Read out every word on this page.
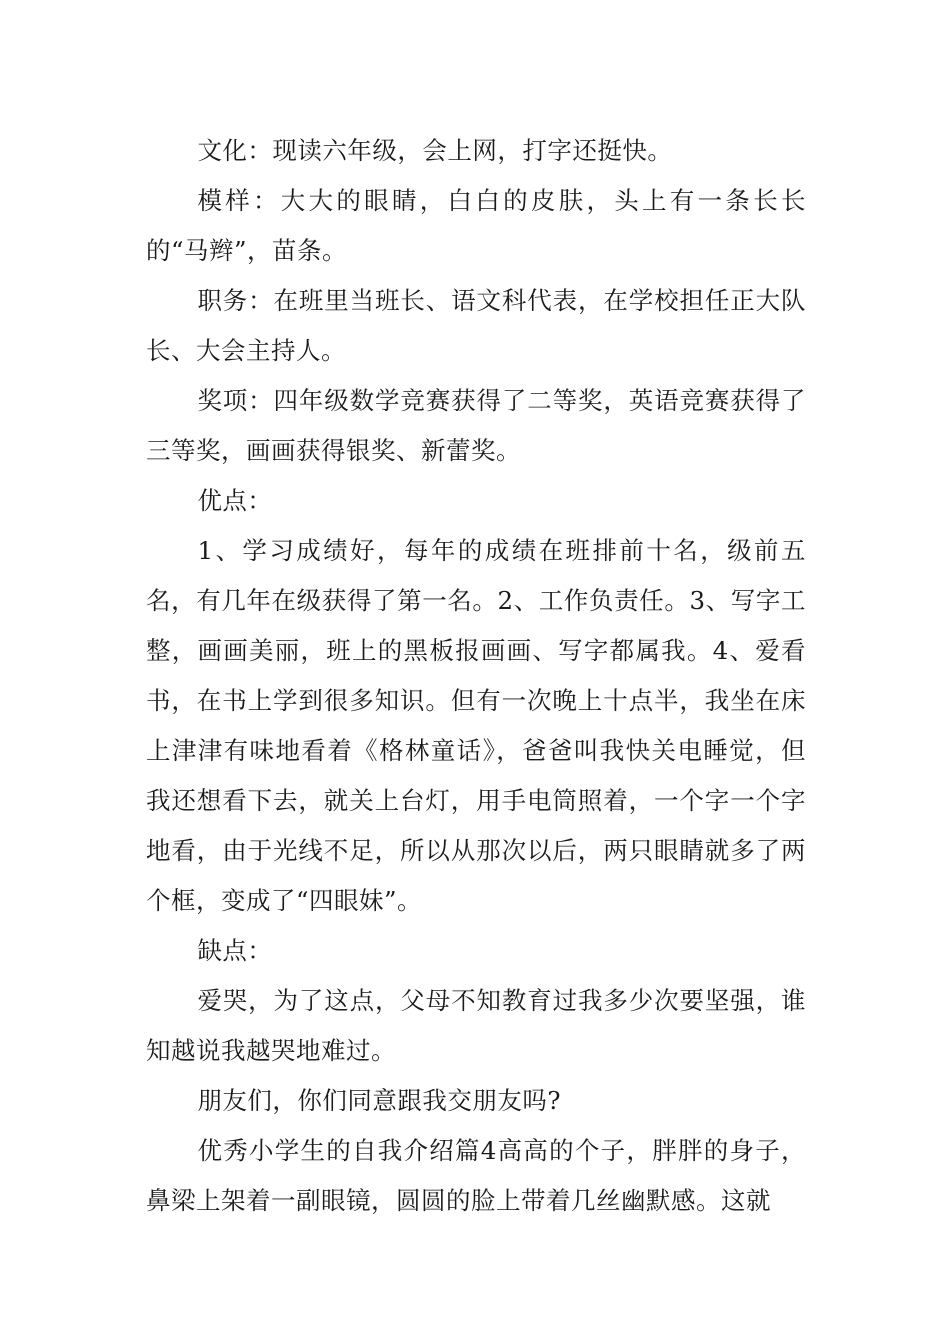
文化：现读六年级，会上网，打字还挺快。

模样：大大的眼睛，白白的皮肤，头上有一条长长的“马辫”，苗条。

职务：在班里当班长、语文科代表，在学校担任正大队长、大会主持人。

奖项：四年级数学竞赛获得了二等奖，英语竞赛获得了三等奖，画画获得银奖、新蕾奖。

优点：

1、学习成绩好，每年的成绩在班排前十名，级前五名，有几年在级获得了第一名。2、工作负责任。3、写字工整，画画美丽，班上的黑板报画画、写字都属我。4、爱看书，在书上学到很多知识。但有一次晚上十点半，我坐在床上津津有味地看着《格林童话》，爸爸叫我快关电睡觉，但我还想看下去，就关上台灯，用手电筒照着，一个字一个字地看，由于光线不足，所以从那次以后，两只眼睛就多了两个框，变成了“四眼妹”。

缺点：

爱哭，为了这点，父母不知教育过我多少次要坚强，谁知越说我越哭地难过。

朋友们，你们同意跟我交朋友吗?

优秀小学生的自我介绍篇4高高的个子，胖胖的身子，鼻梁上架着一副眼镜，圆圆的脸上带着几丝幽默感。这就
